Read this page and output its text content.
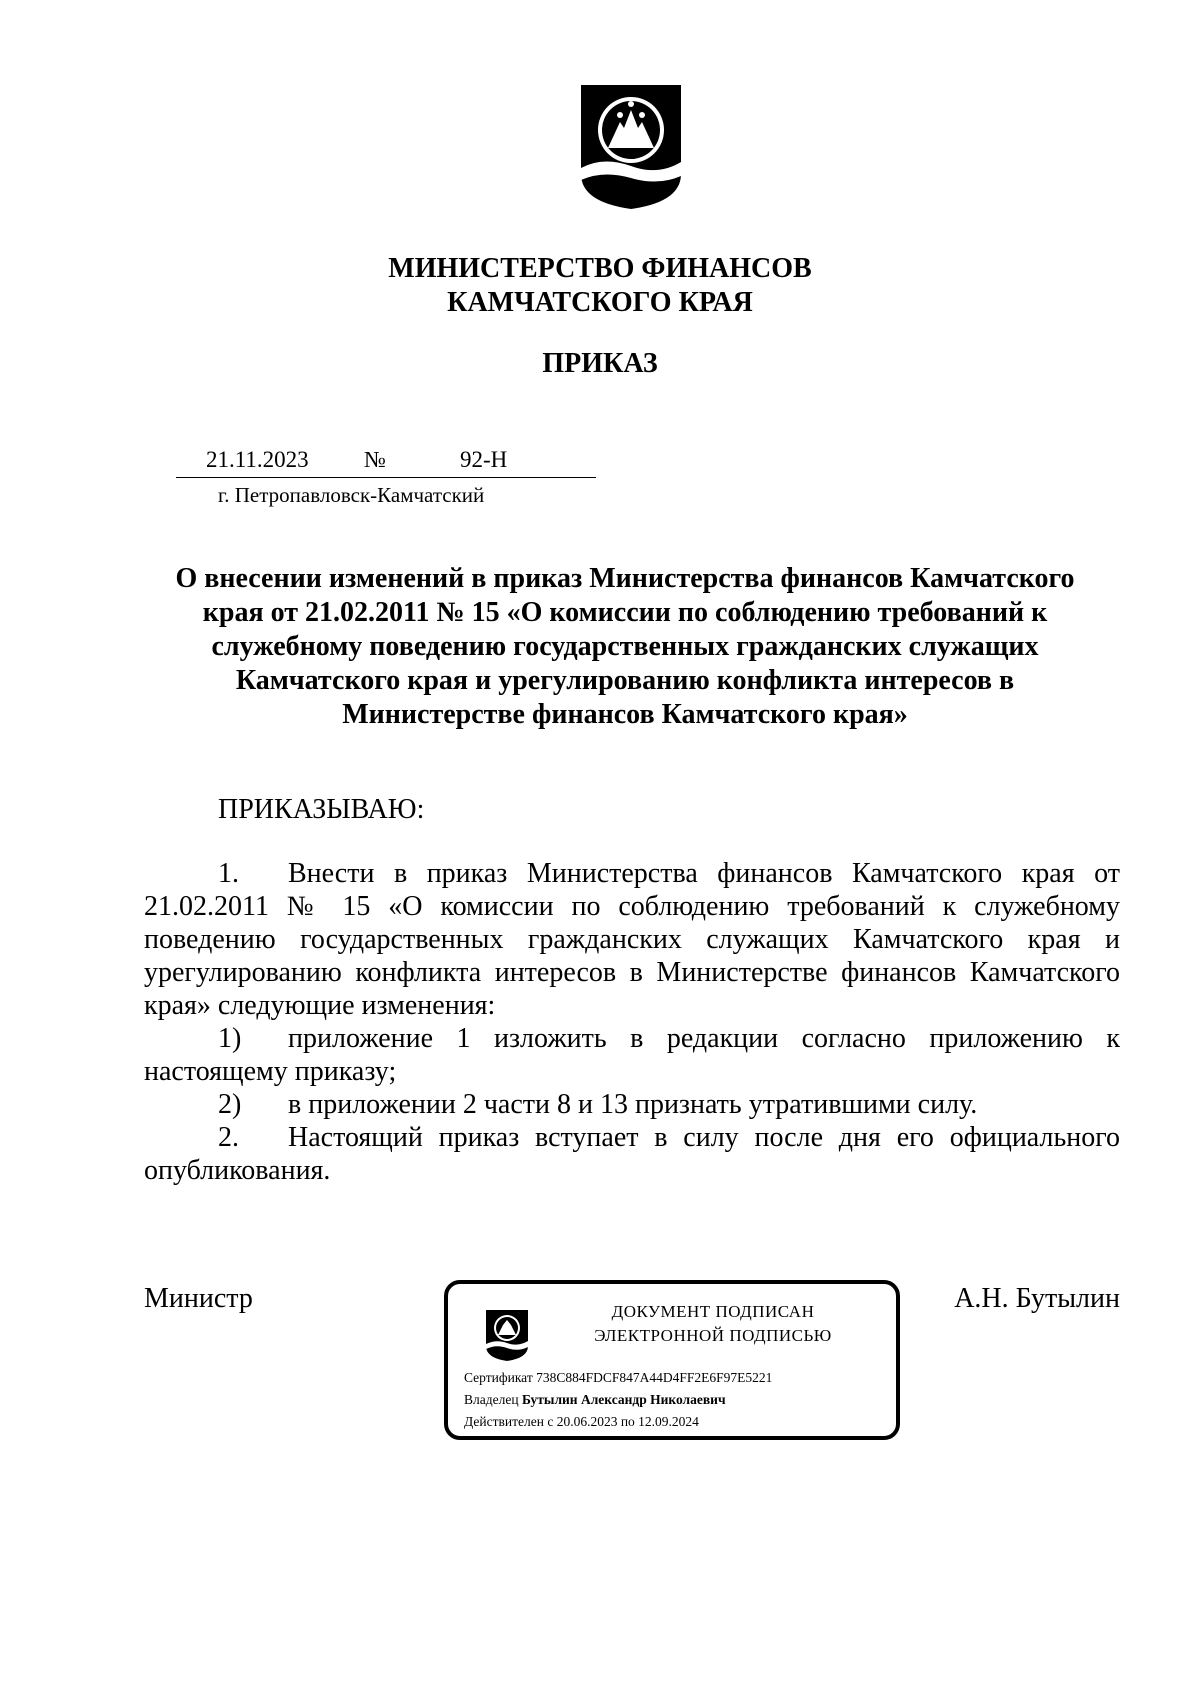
МИНИСТЕРСТВО ФИНАНСОВ
КАМЧАТСКОГО КРАЯ
ПРИКАЗ
21.11.2023 №	92-Н
г. Петропавловск-Камчатский
О внесении изменений в приказ Министерства финансов Камчатского
края от 21.02.2011 № 15 «О комиссии по соблюдению требований к
служебному поведению государственных гражданских служащих
Камчатского края и урегулированию конфликта интересов в
Министерстве финансов Камчатского края»
ПРИКАЗЫВАЮ:

1. Внести в приказ Министерства финансов Камчатского края от 21.02.2011 № 15 «О комиссии по соблюдению требований к служебному поведению государственных гражданских служащих Камчатского края и урегулированию конфликта интересов в Министерстве финансов Камчатского края» следующие изменения:

1) приложение 1 изложить в редакции согласно приложению к настоящему приказу;

2) в приложении 2 части 8 и 13 признать утратившими силу.

2. Настоящий приказ вступает в силу после дня его официального опубликования.

Министр	А.Н. Бутылин
ДОКУМЕНТ ПОДПИСАН
ЭЛЕКТРОННОЙ ПОДПИСЬЮ
Сертификат 738C884FDCF847A44D4FF2E6F97E5221
Владелец Бутылин Александр Николаевич
Действителен с 20.06.2023 по 12.09.2024
